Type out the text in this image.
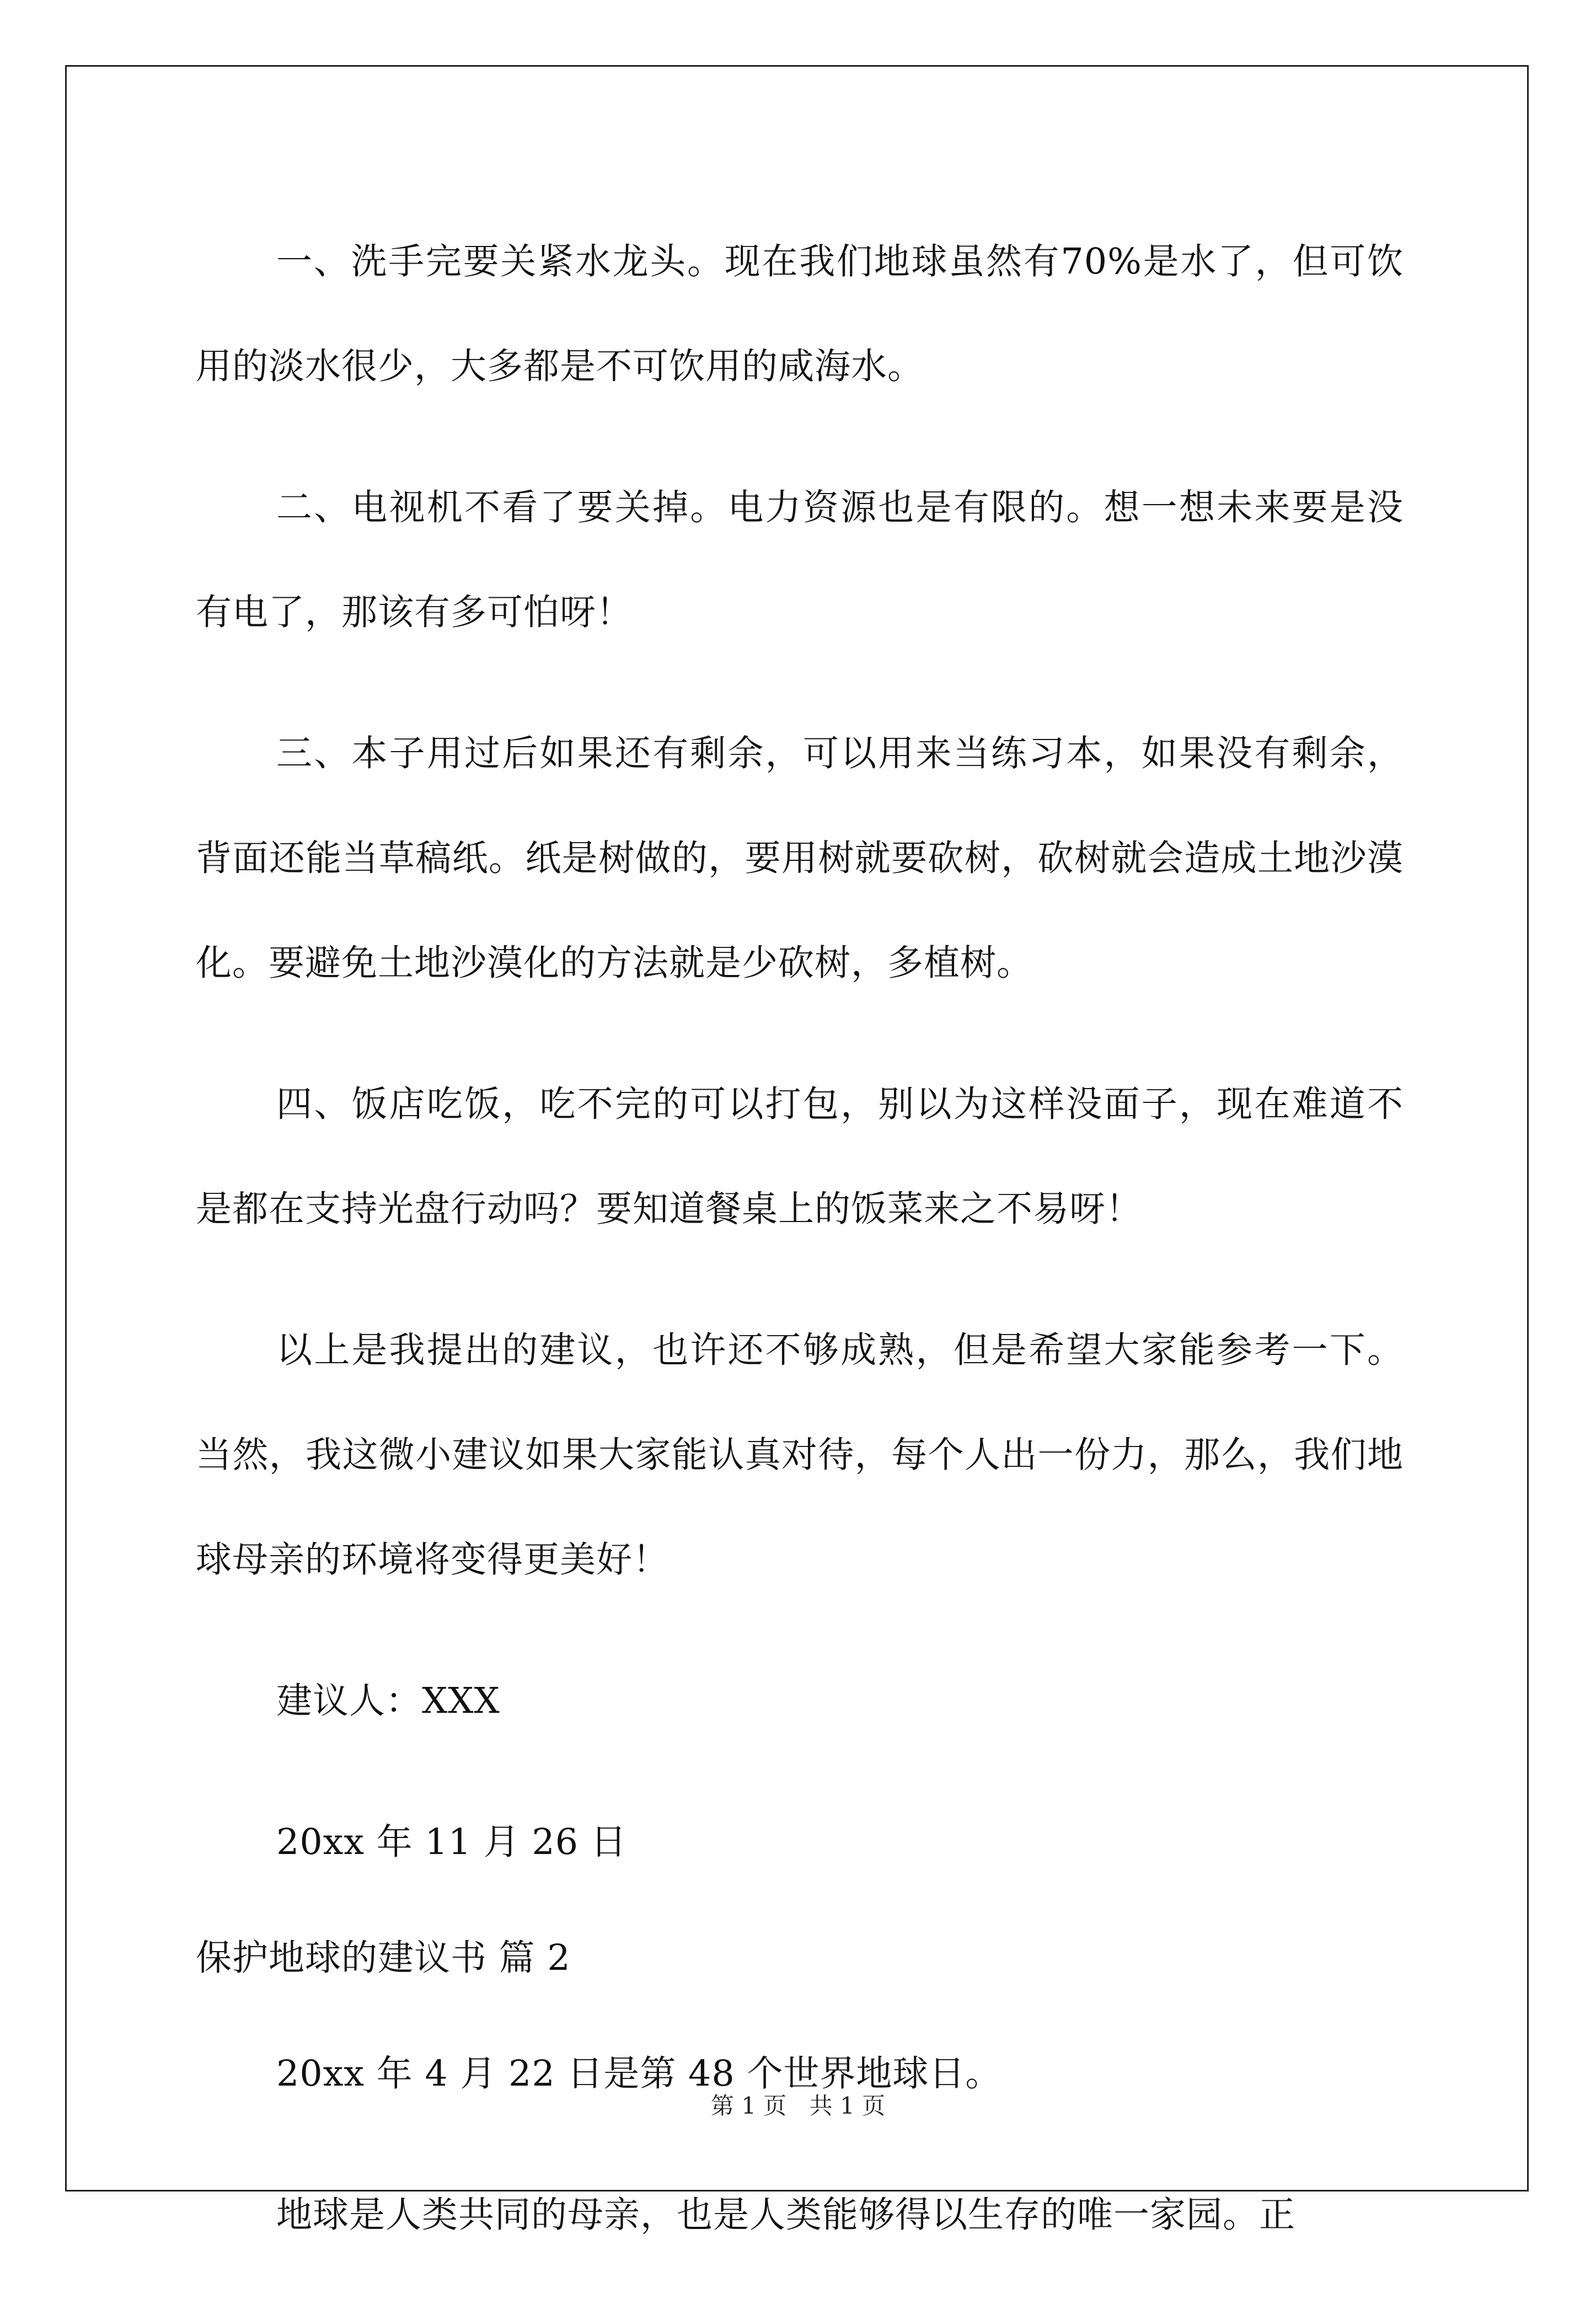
一、洗手完要关紧水龙头。现在我们地球虽然有70%是水了，但可饮用的淡水很少，大多都是不可饮用的咸海水。

二、电视机不看了要关掉。电力资源也是有限的。想一想未来要是没有电了，那该有多可怕呀！

三、本子用过后如果还有剩余，可以用来当练习本，如果没有剩余，背面还能当草稿纸。纸是树做的，要用树就要砍树，砍树就会造成土地沙漠化。要避免土地沙漠化的方法就是少砍树，多植树。

四、饭店吃饭，吃不完的可以打包，别以为这样没面子，现在难道不是都在支持光盘行动吗？要知道餐桌上的饭菜来之不易呀！

以上是我提出的建议，也许还不够成熟，但是希望大家能参考一下。当然，我这微小建议如果大家能认真对待，每个人出一份力，那么，我们地球母亲的环境将变得更美好！

建议人：XXX

20xx 年 11 月 26 日

保护地球的建议书 篇 2

20xx 年 4 月 22 日是第 48 个世界地球日。

地球是人类共同的母亲，也是人类能够得以生存的唯一家园。正

第 1 页 共 1 页
